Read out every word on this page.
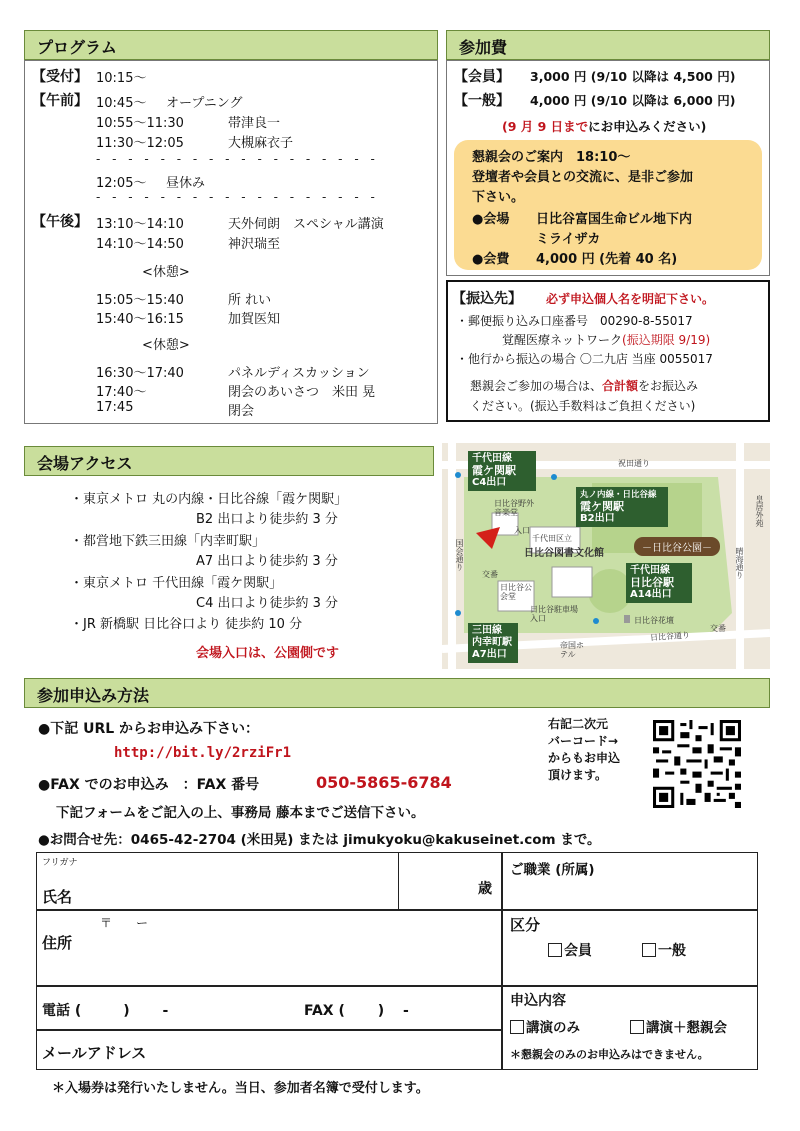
プログラム
【受付】 10:15～
【午前】 10:45～ オープニング
10:55～11:30	帯津良一
11:30～12:05	大槻麻衣子
- - - - - - - - - - - - - - - - - -
12:05～ 昼休み
- - - - - - - - - - - - - - - - - -
【午後】 13:10～14:10	天外伺朗　スペシャル講演
14:10～14:50	神沢瑞至
<休憩>
15:05～15:40	所 れい
15:40～16:15	加賀医知
<休憩>
16:30～17:40	パネルディスカッション
17:40～	閉会のあいさつ　米田 晃
17:45	閉会
参加費
【会員】 3,000 円 (9/10 以降は 4,500 円)
【一般】 4,000 円 (9/10 以降は 6,000 円)
(9 月 9 日までにお申込みください)
懇親会のご案内　18:10～
登壇者や会員との交流に、是非ご参加
下さい。
●会場 日比谷富国生命ビル地下内
ミライザカ
●会費 4,000 円 (先着 40 名)
【振込先】 必ず申込個人名を明記下さい。
・郵便振り込み口座番号　00290-8-55017
覚醒医療ネットワーク(振込期限 9/19)
・他行から振込の場合 〇二九店 当座 0055017
懇親会ご参加の場合は、合計額をお振込み
ください。(振込手数料はご負担ください)
会場アクセス
・東京メトロ 丸の内線・日比谷線「霞ケ関駅」
B2 出口より徒歩約 3 分
・都営地下鉄三田線「内幸町駅」
A7 出口より徒歩約 3 分
・東京メトロ 千代田線「霞ケ関駅」
C4 出口より徒歩約 3 分
・JR 新橋駅 日比谷口より 徒歩約 10 分
会場入口は、公園側です
千代田線
霞ケ関駅
C4出口
丸ノ内線・日比谷線
霞ケ関駅
B2出口
千代田線
日比谷駅
A14出口
三田線
内幸町駅
A7出口
－日比谷公園－
祝田通り
日比谷通り
国会通り	晴海通り
皇居外苑
日比谷野外音楽堂
入口
千代田区立
日比谷図書文化館
日比谷公会堂
日比谷駐車場入口	日比谷花壇
交番
交番
帝国ホテル
参加申込み方法
●下記 URL からお申込み下さい：
http://bit.ly/2rziFr1
●FAX でのお申込み　：FAX 番号	050-5865-6784
下記フォームをご記入の上、事務局 藤本までご送信下さい。
●お問合せ先：0465-42-2704 (米田晃) または jimukyoku@kakuseinet.com まで。
右記二次元
バーコード→
からもお申込
頂けます。
フリガナ
氏名	歳
ご職業 (所属)
〒　　ー
住所
区分
会員	一般
電話 (　　　)　　 -	FAX (　　 )　 -
申込内容
講演のみ	講演＋懇親会
＊懇親会のみのお申込みはできません。
メールアドレス
＊入場券は発行いたしません。当日、参加者名簿で受付します。
